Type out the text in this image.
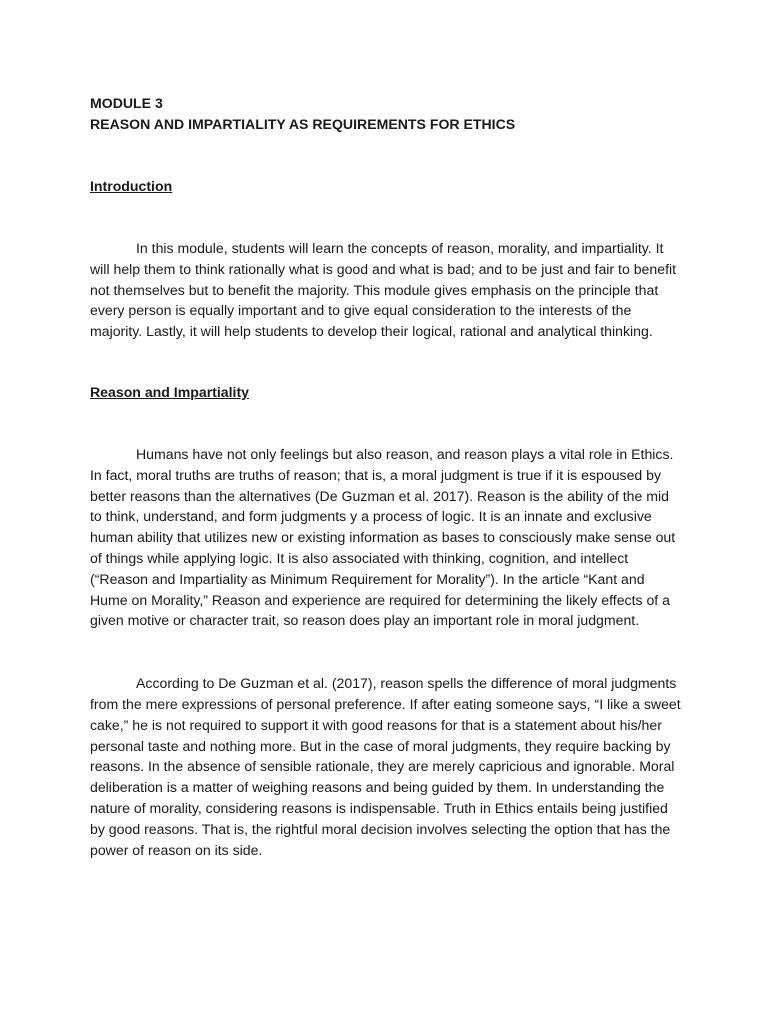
MODULE 3
REASON AND IMPARTIALITY AS REQUIREMENTS FOR ETHICS
Introduction

In this module, students will learn the concepts of reason, morality, and impartiality. It will help them to think rationally what is good and what is bad; and to be just and fair to benefit not themselves but to benefit the majority. This module gives emphasis on the principle that every person is equally important and to give equal consideration to the interests of the majority. Lastly, it will help students to develop their logical, rational and analytical thinking.

Reason and Impartiality

Humans have not only feelings but also reason, and reason plays a vital role in Ethics. In fact, moral truths are truths of reason; that is, a moral judgment is true if it is espoused by better reasons than the alternatives (De Guzman et al. 2017). Reason is the ability of the mid to think, understand, and form judgments y a process of logic. It is an innate and exclusive human ability that utilizes new or existing information as bases to consciously make sense out of things while applying logic. It is also associated with thinking, cognition, and intellect (“Reason and Impartiality as Minimum Requirement for Morality”). In the article “Kant and Hume on Morality,” Reason and experience are required for determining the likely effects of a given motive or character trait, so reason does play an important role in moral judgment.

According to De Guzman et al. (2017), reason spells the difference of moral judgments from the mere expressions of personal preference. If after eating someone says, “I like a sweet cake,” he is not required to support it with good reasons for that is a statement about his/her personal taste and nothing more. But in the case of moral judgments, they require backing by reasons. In the absence of sensible rationale, they are merely capricious and ignorable. Moral deliberation is a matter of weighing reasons and being guided by them. In understanding the nature of morality, considering reasons is indispensable. Truth in Ethics entails being justified by good reasons. That is, the rightful moral decision involves selecting the option that has the power of reason on its side.
